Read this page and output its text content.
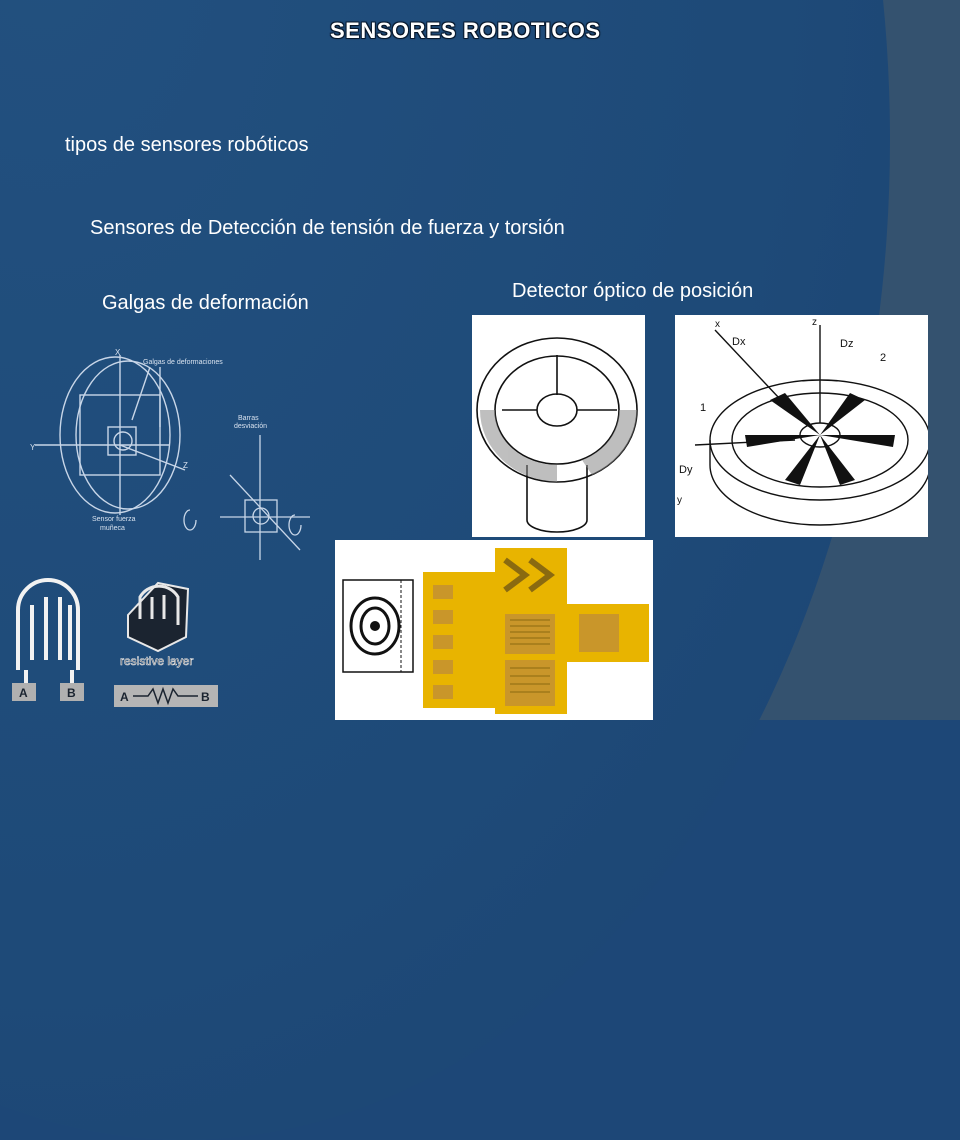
SENSORES ROBOTICOS
tipos de sensores robóticos
Sensores de Detección de tensión de fuerza y torsión
Galgas de deformación
Detector óptico de posición
X
Y
Z
Galgas de deformaciones
Sensor fuerza
muñeca
Barras
desviación
A	B
resistive layer
A	B
Dx	Dz
Dy
x
y
z
1
2
